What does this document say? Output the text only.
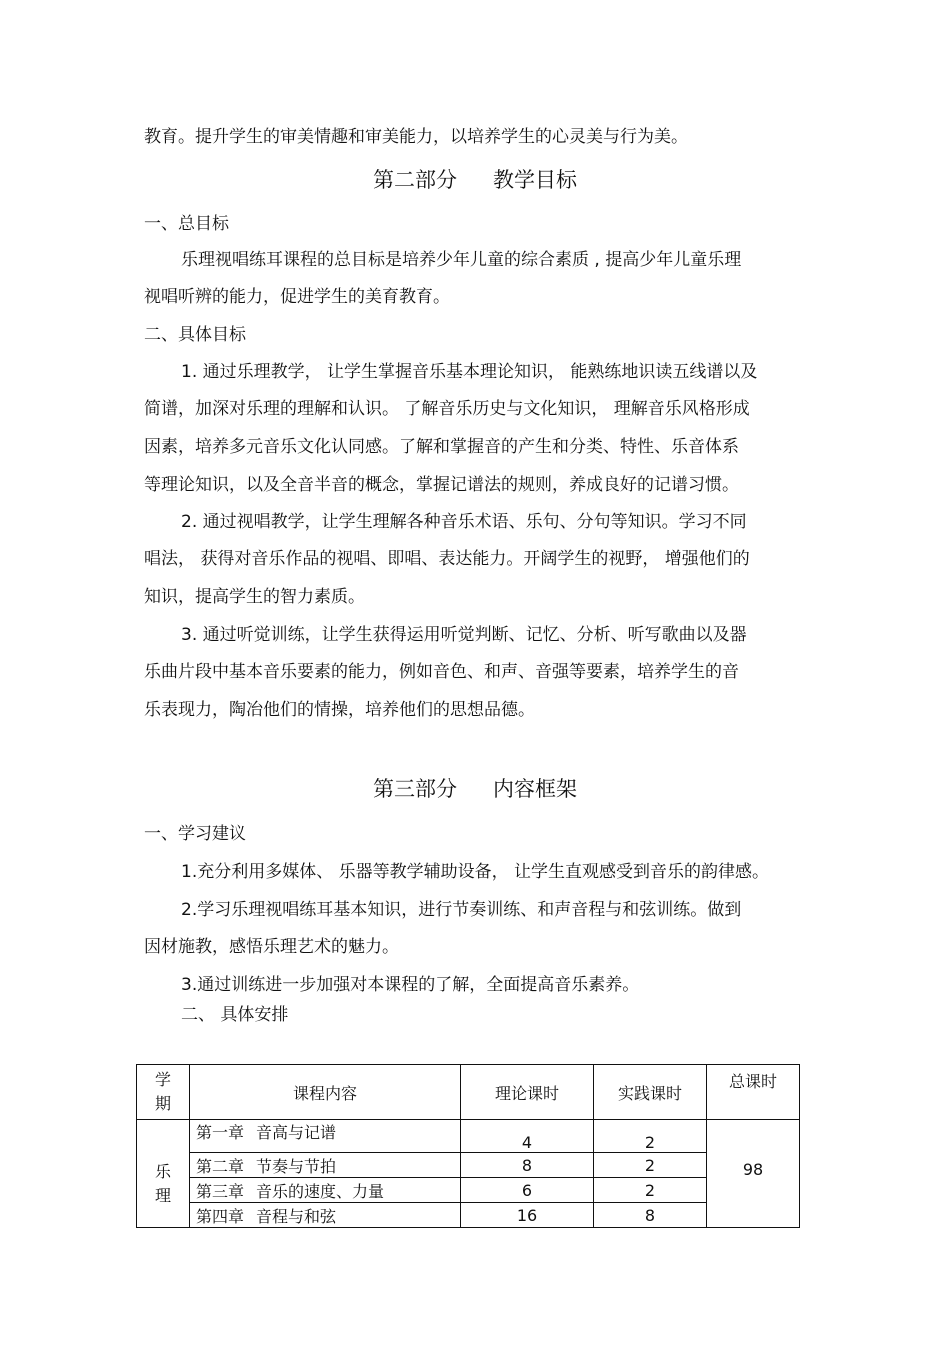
教育。提升学生的审美情趣和审美能力，以培养学生的心灵美与行为美。
第二部分 教学目标
一、总目标
乐理视唱练耳课程的总目标是培养少年儿童的综合素质 , 提高少年儿童乐理
视唱听辨的能力，促进学生的美育教育。
二、具体目标
1. 通过乐理教学， 让学生掌握音乐基本理论知识， 能熟练地识读五线谱以及
简谱，加深对乐理的理解和认识。 了解音乐历史与文化知识， 理解音乐风格形成
因素，培养多元音乐文化认同感。了解和掌握音的产生和分类、特性、乐音体系
等理论知识，以及全音半音的概念，掌握记谱法的规则，养成良好的记谱习惯。
2. 通过视唱教学，让学生理解各种音乐术语、乐句、分句等知识。学习不同
唱法， 获得对音乐作品的视唱、即唱、表达能力。开阔学生的视野， 增强他们的
知识，提高学生的智力素质。
3. 通过听觉训练，让学生获得运用听觉判断、记忆、分析、听写歌曲以及器
乐曲片段中基本音乐要素的能力，例如音色、和声、音强等要素，培养学生的音
乐表现力，陶冶他们的情操，培养他们的思想品德。
第三部分 内容框架
一、学习建议
1.充分利用多媒体、 乐器等教学辅助设备， 让学生直观感受到音乐的韵律感。
2.学习乐理视唱练耳基本知识，进行节奏训练、和声音程与和弦训练。做到
因材施教，感悟乐理艺术的魅力。
3.通过训练进一步加强对本课程的了解，全面提高音乐素养。
二、 具体安排
学
期	课程内容	理论课时	实践课时	总课时

乐
理	第一章 音高与记谱	4	2	98
	第二章 节奏与节拍	8	2	
	第三章 音乐的速度、力量	6	2	
	第四章 音程与和弦	16	8	
